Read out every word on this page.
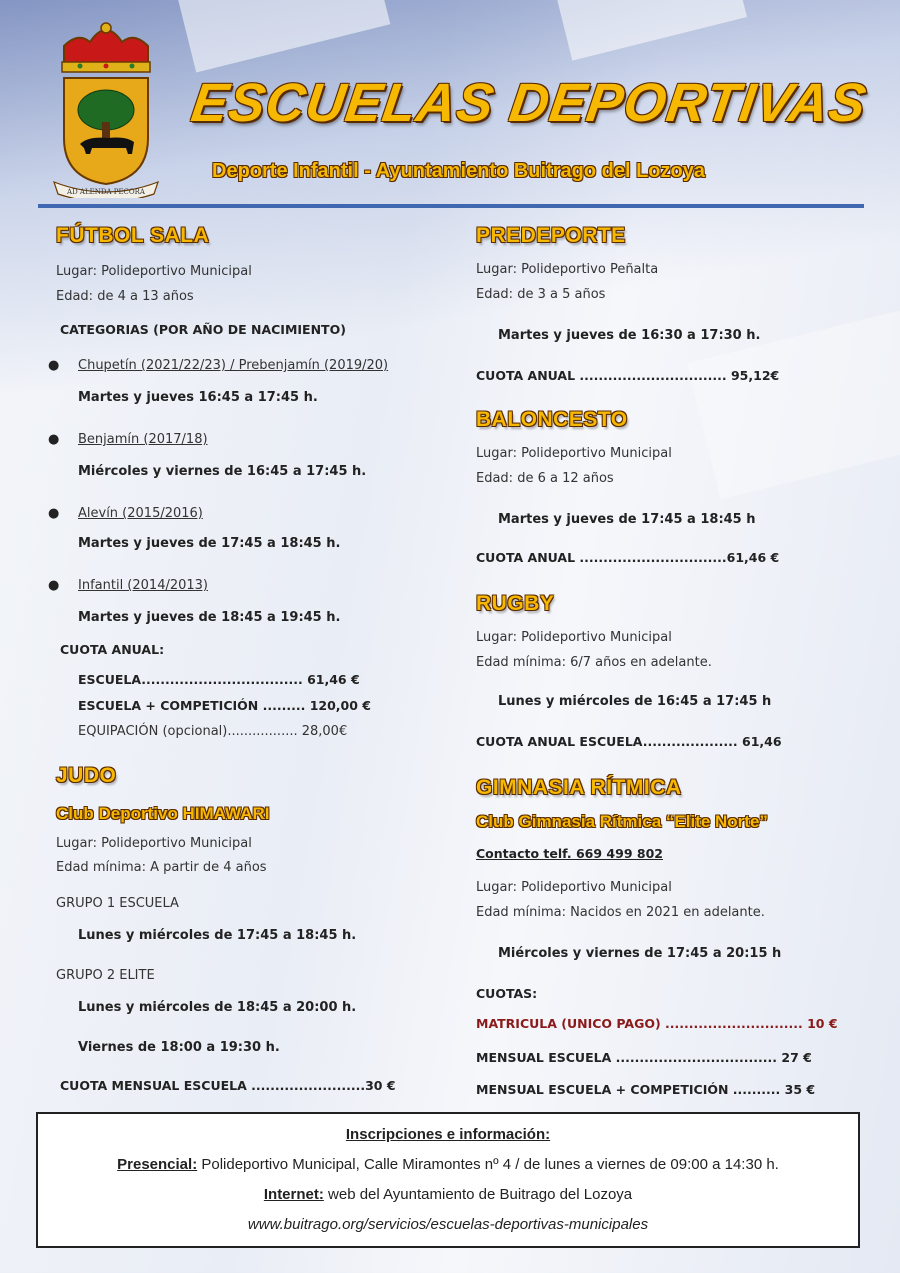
AD ALENDA PECORA
ESCUELAS DEPORTIVAS
Deporte Infantil - Ayuntamiento Buitrago del Lozoya
FÚTBOL SALA
Lugar: Polideportivo Municipal
Edad: de 4 a 13 años
CATEGORIAS (POR AÑO DE NACIMIENTO)
● Chupetín (2021/22/23) / Prebenjamín (2019/20)
Martes y jueves 16:45 a 17:45 h.
● Benjamín (2017/18)
Miércoles y viernes de 16:45 a 17:45 h.
● Alevín (2015/2016)
Martes y jueves de 17:45 a 18:45 h.
● Infantil (2014/2013)
Martes y jueves de 18:45 a 19:45 h.
CUOTA ANUAL:
ESCUELA.................................. 61,46 €
ESCUELA + COMPETICIÓN ......... 120,00 €
EQUIPACIÓN (opcional)................. 28,00€
JUDO
Club Deportivo HIMAWARI
Lugar: Polideportivo Municipal
Edad mínima: A partir de 4 años
GRUPO 1 ESCUELA
Lunes y miércoles de 17:45 a 18:45 h.
GRUPO 2 ELITE
Lunes y miércoles de 18:45 a 20:00 h.
Viernes de 18:00 a 19:30 h.
CUOTA MENSUAL ESCUELA ........................30 €
PREDEPORTE
Lugar: Polideportivo Peñalta
Edad: de 3 a 5 años
Martes y jueves de 16:30 a 17:30 h.
CUOTA ANUAL ............................... 95,12€
BALONCESTO
Lugar: Polideportivo Municipal
Edad: de 6 a 12 años
Martes y jueves de 17:45 a 18:45 h
CUOTA ANUAL ...............................61,46 €
RUGBY
Lugar: Polideportivo Municipal
Edad mínima: 6/7 años en adelante.
Lunes y miércoles de 16:45 a 17:45 h
CUOTA ANUAL ESCUELA.................... 61,46
GIMNASIA RÍTMICA
Club Gimnasia Rítmica “Elite Norte”
Contacto telf. 669 499 802
Lugar: Polideportivo Municipal
Edad mínima: Nacidos en 2021 en adelante.
Miércoles y viernes de 17:45 a 20:15 h
CUOTAS:
MATRICULA (UNICO PAGO) ............................. 10 €
MENSUAL ESCUELA .................................. 27 €
MENSUAL ESCUELA + COMPETICIÓN .......... 35 €
Inscripciones e información:
Presencial: Polideportivo Municipal, Calle Miramontes nº 4 / de lunes a viernes de 09:00 a 14:30 h.
Internet: web del Ayuntamiento de Buitrago del Lozoya
www.buitrago.org/servicios/escuelas-deportivas-municipales
